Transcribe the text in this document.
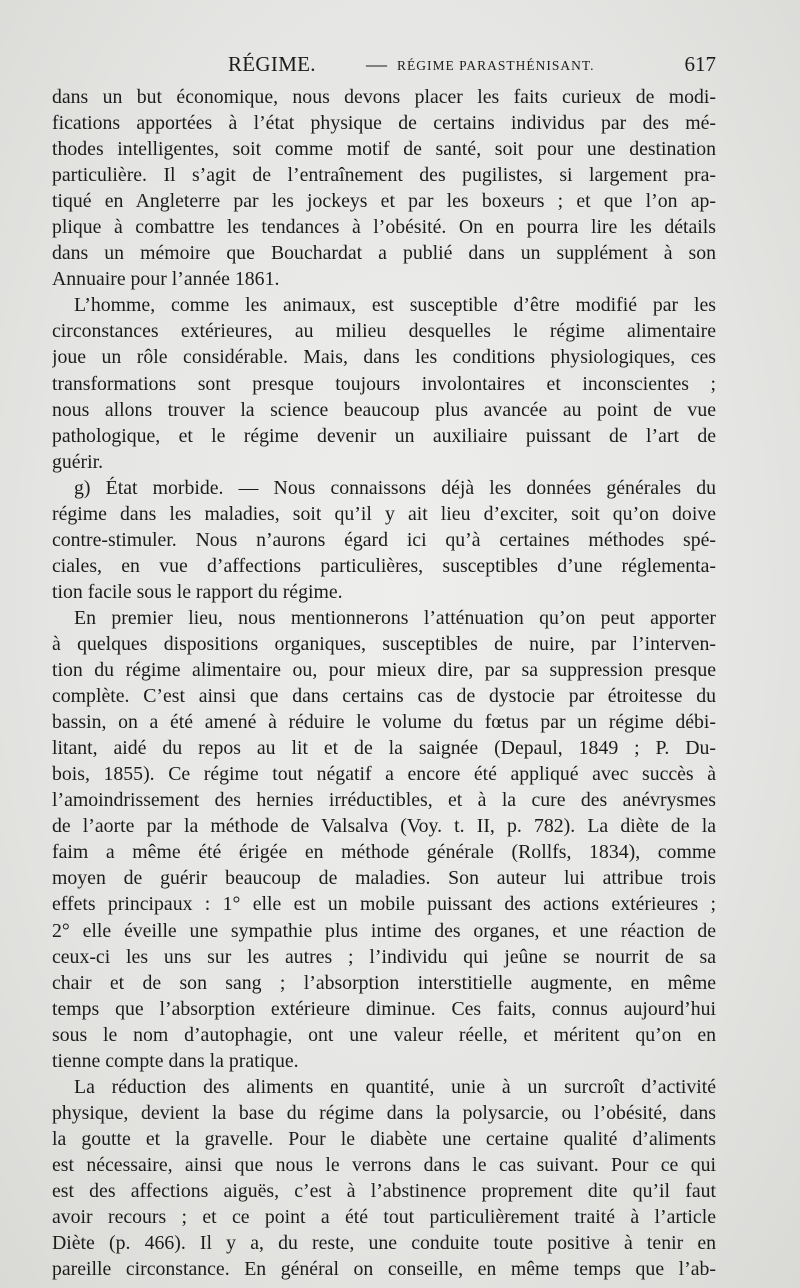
RÉGIME. — RÉGIME PARASTHÉNISANT.	617
dans un but économique, nous devons placer les faits curieux de modi-
fications apportées à l’état physique de certains individus par des mé-
thodes intelligentes, soit comme motif de santé, soit pour une destination
particulière. Il s’agit de l’entraînement des pugilistes, si largement pra-
tiqué en Angleterre par les jockeys et par les boxeurs ; et que l’on ap-
plique à combattre les tendances à l’obésité. On en pourra lire les détails
dans un mémoire que Bouchardat a publié dans un supplément à son
Annuaire pour l’année 1861.
L’homme, comme les animaux, est susceptible d’être modifié par les
circonstances extérieures, au milieu desquelles le régime alimentaire
joue un rôle considérable. Mais, dans les conditions physiologiques, ces
transformations sont presque toujours involontaires et inconscientes ;
nous allons trouver la science beaucoup plus avancée au point de vue
pathologique, et le régime devenir un auxiliaire puissant de l’art de
guérir.
g) État morbide. — Nous connaissons déjà les données générales du
régime dans les maladies, soit qu’il y ait lieu d’exciter, soit qu’on doive
contre-stimuler. Nous n’aurons égard ici qu’à certaines méthodes spé-
ciales, en vue d’affections particulières, susceptibles d’une réglementa-
tion facile sous le rapport du régime.
En premier lieu, nous mentionnerons l’atténuation qu’on peut apporter
à quelques dispositions organiques, susceptibles de nuire, par l’interven-
tion du régime alimentaire ou, pour mieux dire, par sa suppression presque
complète. C’est ainsi que dans certains cas de dystocie par étroitesse du
bassin, on a été amené à réduire le volume du fœtus par un régime débi-
litant, aidé du repos au lit et de la saignée (Depaul, 1849 ; P. Du-
bois, 1855). Ce régime tout négatif a encore été appliqué avec succès à
l’amoindrissement des hernies irréductibles, et à la cure des anévrysmes
de l’aorte par la méthode de Valsalva (Voy. t. II, p. 782). La diète de la
faim a même été érigée en méthode générale (Rollfs, 1834), comme
moyen de guérir beaucoup de maladies. Son auteur lui attribue trois
effets principaux : 1° elle est un mobile puissant des actions extérieures ;
2° elle éveille une sympathie plus intime des organes, et une réaction de
ceux-ci les uns sur les autres ; l’individu qui jeûne se nourrit de sa
chair et de son sang ; l’absorption interstitielle augmente, en même
temps que l’absorption extérieure diminue. Ces faits, connus aujourd’hui
sous le nom d’autophagie, ont une valeur réelle, et méritent qu’on en
tienne compte dans la pratique.
La réduction des aliments en quantité, unie à un surcroît d’activité
physique, devient la base du régime dans la polysarcie, ou l’obésité, dans
la goutte et la gravelle. Pour le diabète une certaine qualité d’aliments
est nécessaire, ainsi que nous le verrons dans le cas suivant. Pour ce qui
est des affections aiguës, c’est à l’abstinence proprement dite qu’il faut
avoir recours ; et ce point a été tout particulièrement traité à l’article
Diète (p. 466). Il y a, du reste, une conduite toute positive à tenir en
pareille circonstance. En général on conseille, en même temps que l’ab-
